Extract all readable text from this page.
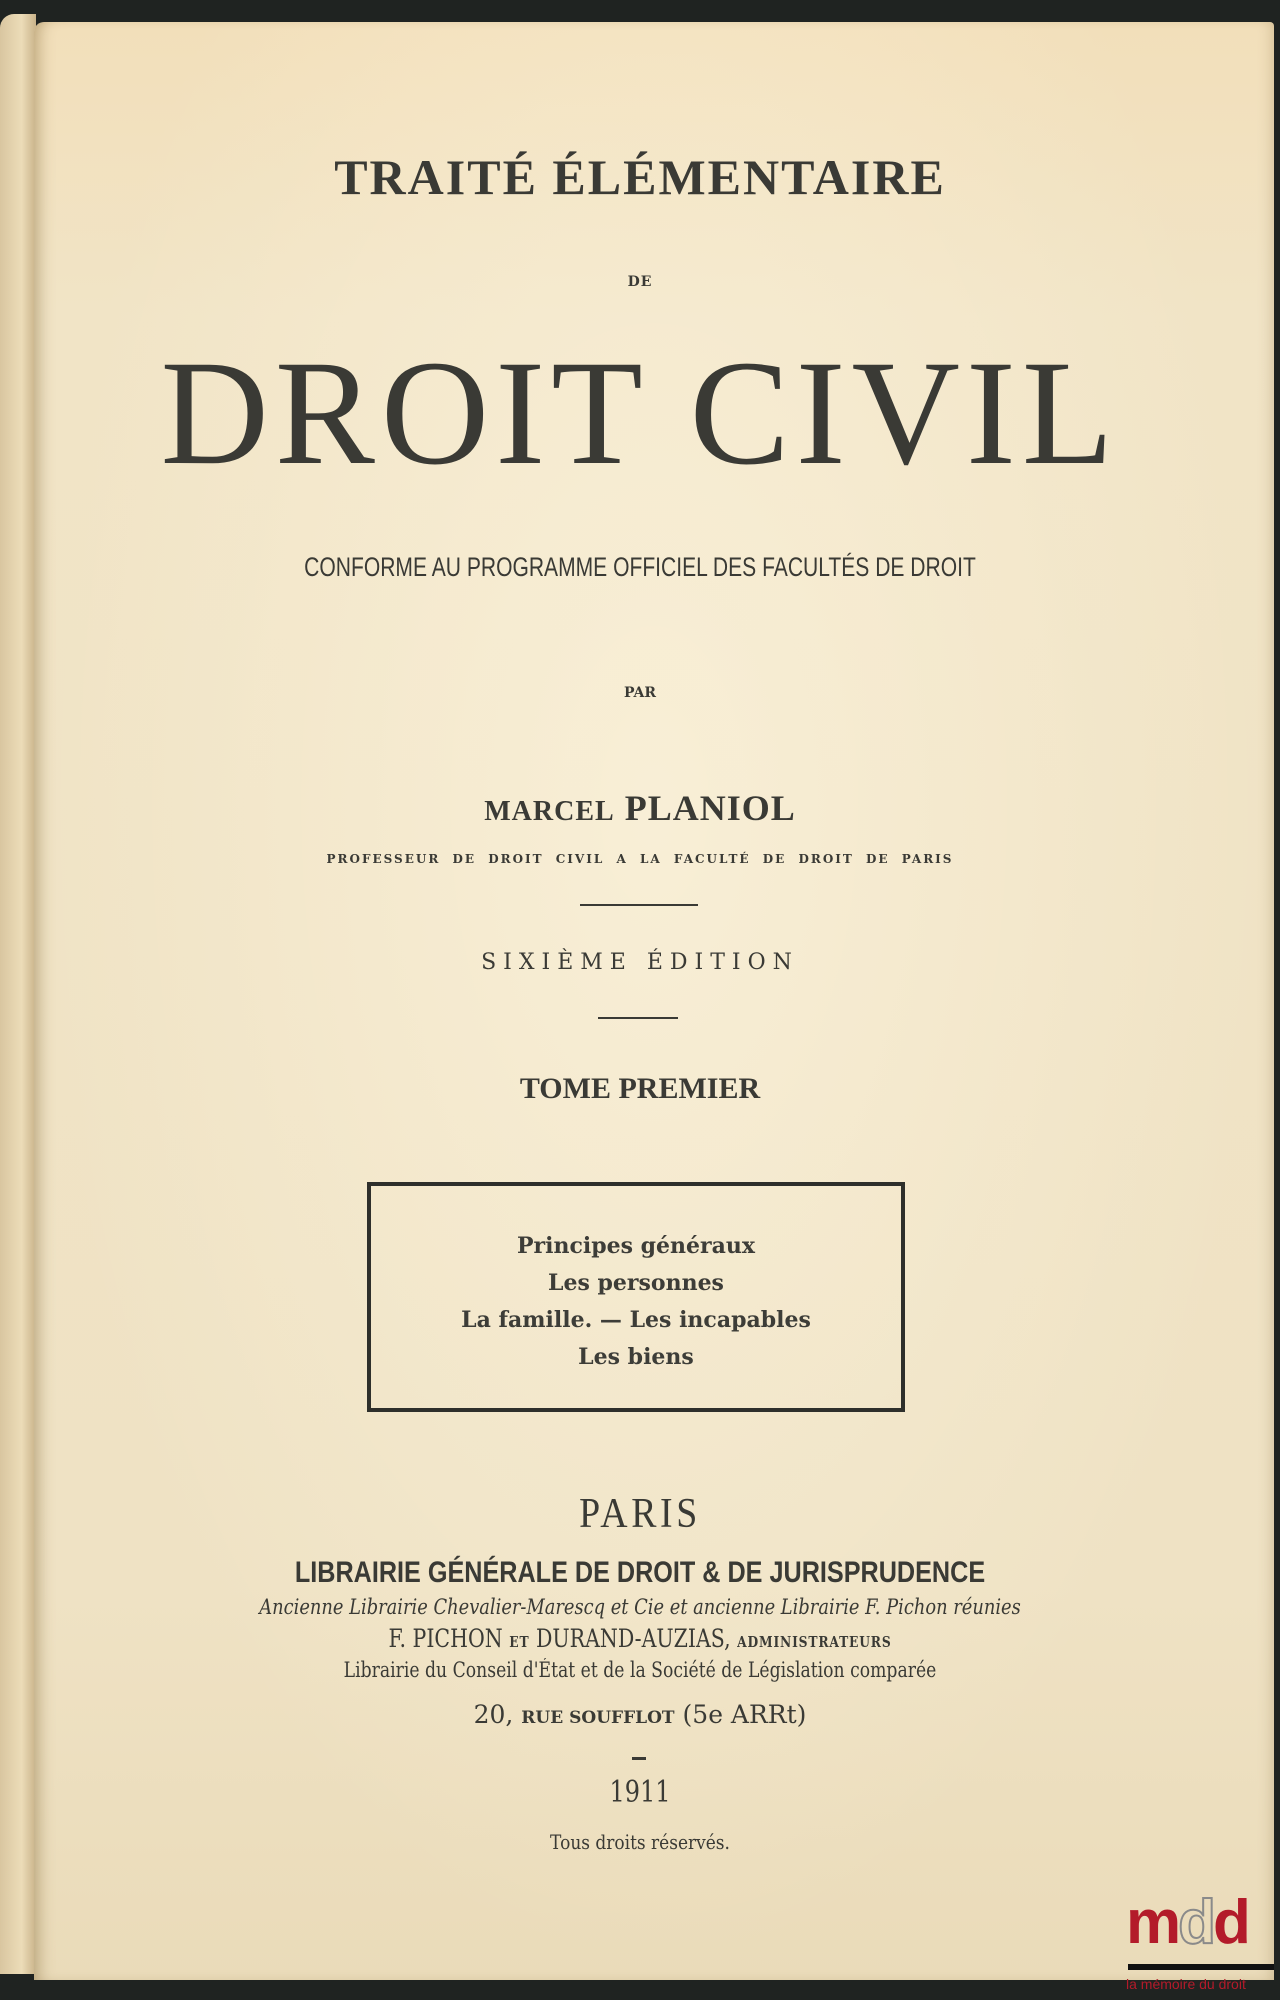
TRAITÉ ÉLÉMENTAIRE
DE
DROIT CIVIL
CONFORME AU PROGRAMME OFFICIEL DES FACULTÉS DE DROIT
PAR
MARCEL PLANIOL
PROFESSEUR DE DROIT CIVIL A LA FACULTÉ DE DROIT DE PARIS
SIXIÈME ÉDITION
TOME PREMIER
Principes généraux
Les personnes
La famille. — Les incapables
Les biens
PARIS
LIBRAIRIE GÉNÉRALE DE DROIT & DE JURISPRUDENCE
Ancienne Librairie Chevalier-Marescq et Cie et ancienne Librairie F. Pichon réunies
F. PICHON ET DURAND-AUZIAS, ADMINISTRATEURS
Librairie du Conseil d'État et de la Société de Législation comparée
20, RUE SOUFFLOT (5e ARRt)
1911
Tous droits réservés.
mdd
la mémoire du droit
